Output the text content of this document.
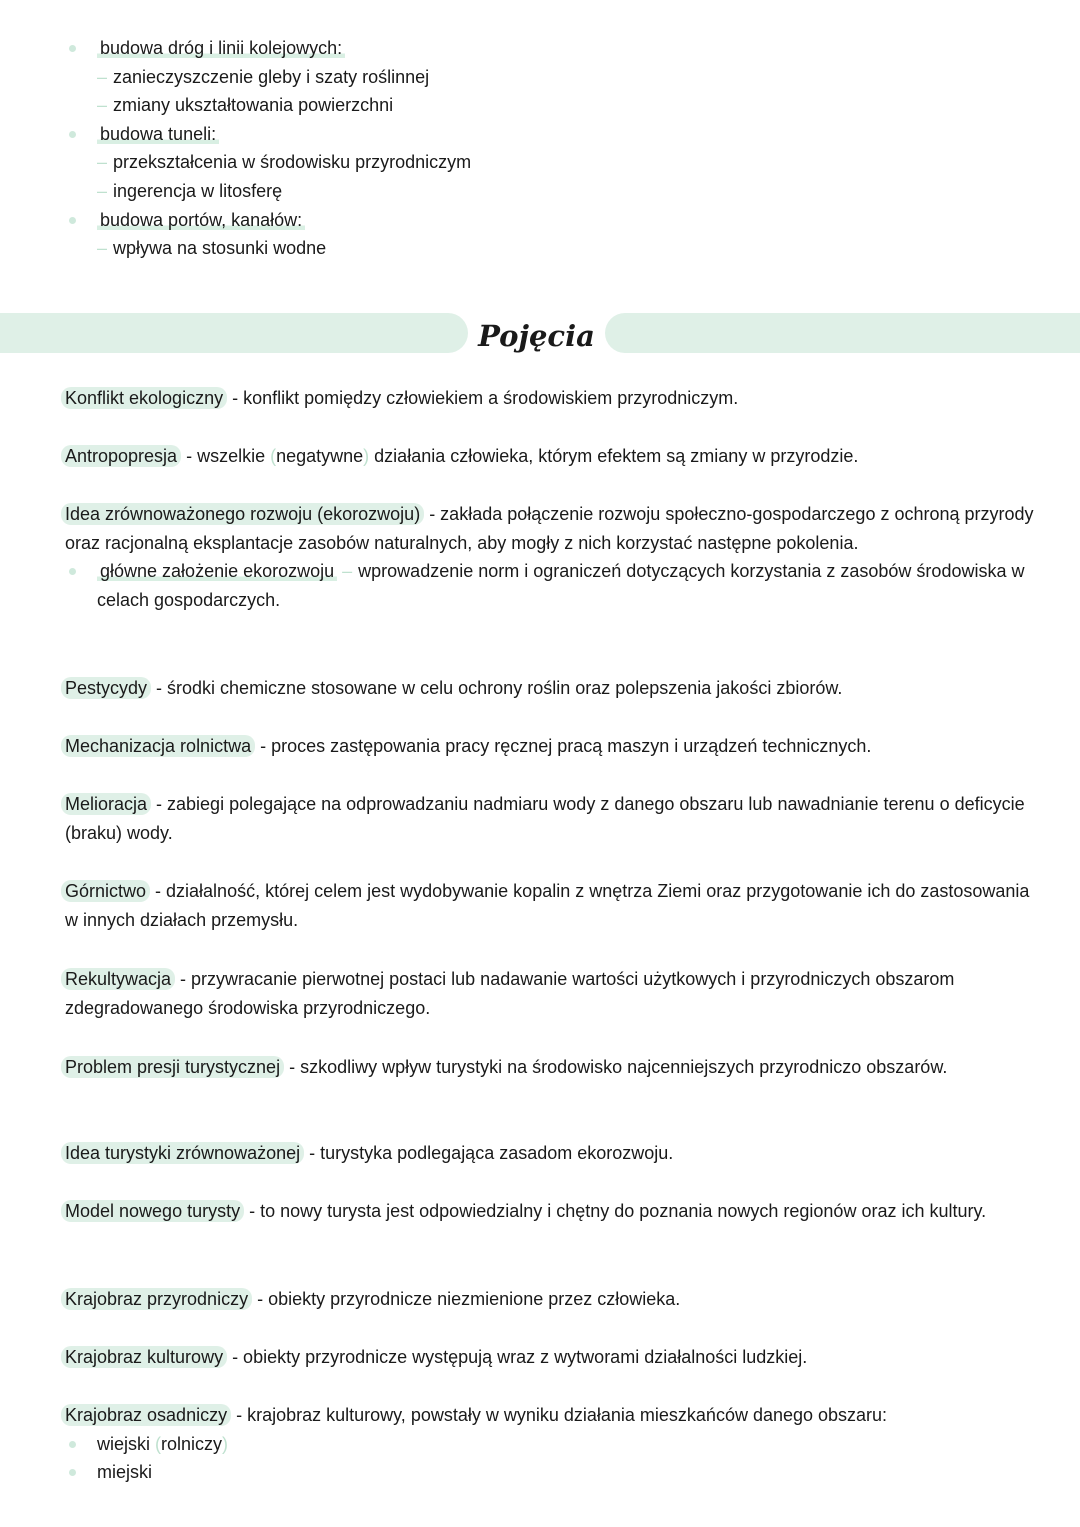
budowa dróg i linii kolejowych:
– zanieczyszczenie gleby i szaty roślinnej
– zmiany ukształtowania powierzchni
budowa tuneli:
– przekształcenia w środowisku przyrodniczym
– ingerencja w litosferę
budowa portów, kanałów:
– wpływa na stosunki wodne
Pojęcia
Konflikt ekologiczny - konflikt pomiędzy człowiekiem a środowiskiem przyrodniczym.
Antropopresja - wszelkie (negatywne) działania człowieka, którym efektem są zmiany w przyrodzie.
Idea zrównoważonego rozwoju (ekorozwoju) - zakłada połączenie rozwoju społeczno-gospodarczego z ochroną przyrody oraz racjonalną eksplantacje zasobów naturalnych, aby mogły z nich korzystać następne pokolenia.
główne założenie ekorozwoju – wprowadzenie norm i ograniczeń dotyczących korzystania z zasobów środowiska w celach gospodarczych.
Pestycydy - środki chemiczne stosowane w celu ochrony roślin oraz polepszenia jakości zbiorów.
Mechanizacja rolnictwa - proces zastępowania pracy ręcznej pracą maszyn i urządzeń technicznych.
Melioracja - zabiegi polegające na odprowadzaniu nadmiaru wody z danego obszaru lub nawadnianie terenu o deficycie (braku) wody.
Górnictwo - działalność, której celem jest wydobywanie kopalin z wnętrza Ziemi oraz przygotowanie ich do zastosowania w innych działach przemysłu.
Rekultywacja - przywracanie pierwotnej postaci lub nadawanie wartości użytkowych i przyrodniczych obszarom zdegradowanego środowiska przyrodniczego.
Problem presji turystycznej - szkodliwy wpływ turystyki na środowisko najcenniejszych przyrodniczo obszarów.
Idea turystyki zrównoważonej - turystyka podlegająca zasadom ekorozwoju.
Model nowego turysty - to nowy turysta jest odpowiedzialny i chętny do poznania nowych regionów oraz ich kultury.
Krajobraz przyrodniczy - obiekty przyrodnicze niezmienione przez człowieka.
Krajobraz kulturowy - obiekty przyrodnicze występują wraz z wytworami działalności ludzkiej.
Krajobraz osadniczy - krajobraz kulturowy, powstały w wyniku działania mieszkańców danego obszaru:
wiejski (rolniczy)
miejski
